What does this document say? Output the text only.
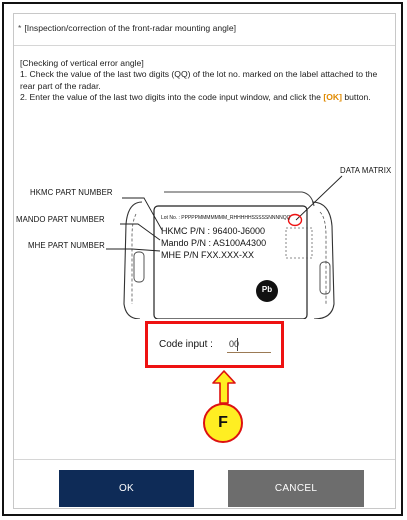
* [Inspection/correction of the front-radar mounting angle]
[Checking of vertical error angle]
1. Check the value of the last two digits (QQ) of the lot no. marked on the label attached to the rear part of the radar.
2. Enter the value of the last two digits into the code input window, and click the [OK] button.
DATA MATRIX
HKMC PART NUMBER
MANDO PART NUMBER
MHE PART NUMBER
Lot No. : PPPPPMMMMMMM_RHHHHHSSSSSNNNNQQ
HKMC P/N : 96400-J6000
Mando P/N : AS100A4300
MHE P/N FXX.XXX-XX
Pb
Code input :
00
F
OK	CANCEL
